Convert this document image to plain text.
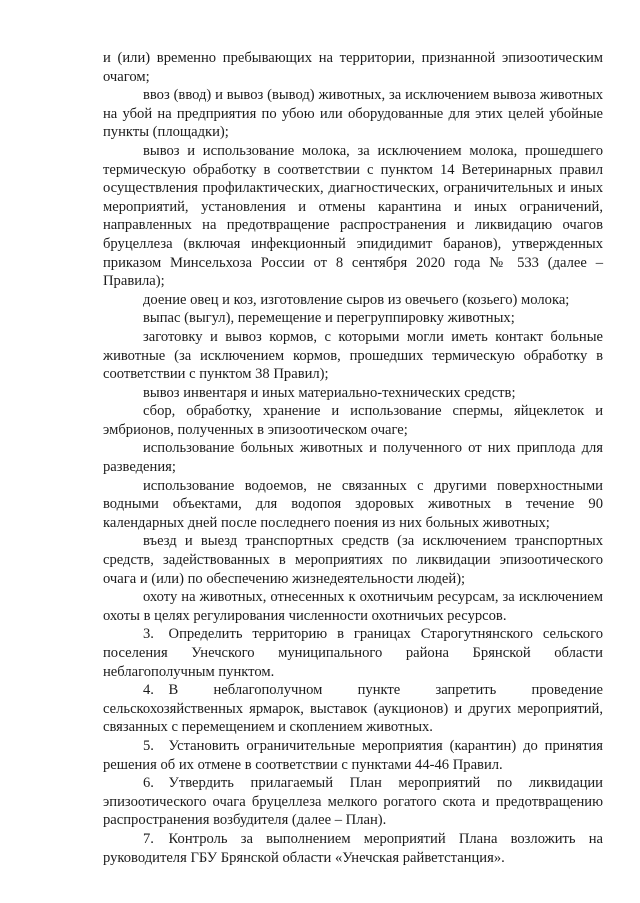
и (или) временно пребывающих на территории, признанной эпизоотическим очагом;

ввоз (ввод) и вывоз (вывод) животных, за исключением вывоза животных на убой на предприятия по убою или оборудованные для этих целей убойные пункты (площадки);

вывоз и использование молока, за исключением молока, прошедшего термическую обработку в соответствии с пунктом 14 Ветеринарных правил осуществления профилактических, диагностических, ограничительных и иных мероприятий, установления и отмены карантина и иных ограничений, направленных на предотвращение распространения и ликвидацию очагов бруцеллеза (включая инфекционный эпидидимит баранов), утвержденных приказом Минсельхоза России от 8 сентября 2020 года № 533 (далее – Правила);

доение овец и коз, изготовление сыров из овечьего (козьего) молока;

выпас (выгул), перемещение и перегруппировку животных;

заготовку и вывоз кормов, с которыми могли иметь контакт больные животные (за исключением кормов, прошедших термическую обработку в соответствии с пунктом 38 Правил);

вывоз инвентаря и иных материально-технических средств;

сбор, обработку, хранение и использование спермы, яйцеклеток и эмбрионов, полученных в эпизоотическом очаге;

использование больных животных и полученного от них приплода для разведения;

использование водоемов, не связанных с другими поверхностными водными объектами, для водопоя здоровых животных в течение 90 календарных дней после последнего поения из них больных животных;

въезд и выезд транспортных средств (за исключением транспортных средств, задействованных в мероприятиях по ликвидации эпизоотического очага и (или) по обеспечению жизнедеятельности людей);

охоту на животных, отнесенных к охотничьим ресурсам, за исключением охоты в целях регулирования численности охотничьих ресурсов.

3. Определить территорию в границах Старогутнянского сельского поселения Унечского муниципального района Брянской области неблагополучным пунктом.

4. В неблагополучном пункте запретить проведение сельскохозяйственных ярмарок, выставок (аукционов) и других мероприятий, связанных с перемещением и скоплением животных.

5. Установить ограничительные мероприятия (карантин) до принятия решения об их отмене в соответствии с пунктами 44-46 Правил.

6. Утвердить прилагаемый План мероприятий по ликвидации эпизоотического очага бруцеллеза мелкого рогатого скота и предотвращению распространения возбудителя (далее – План).

7. Контроль за выполнением мероприятий Плана возложить на руководителя ГБУ Брянской области «Унечская райветстанция».
